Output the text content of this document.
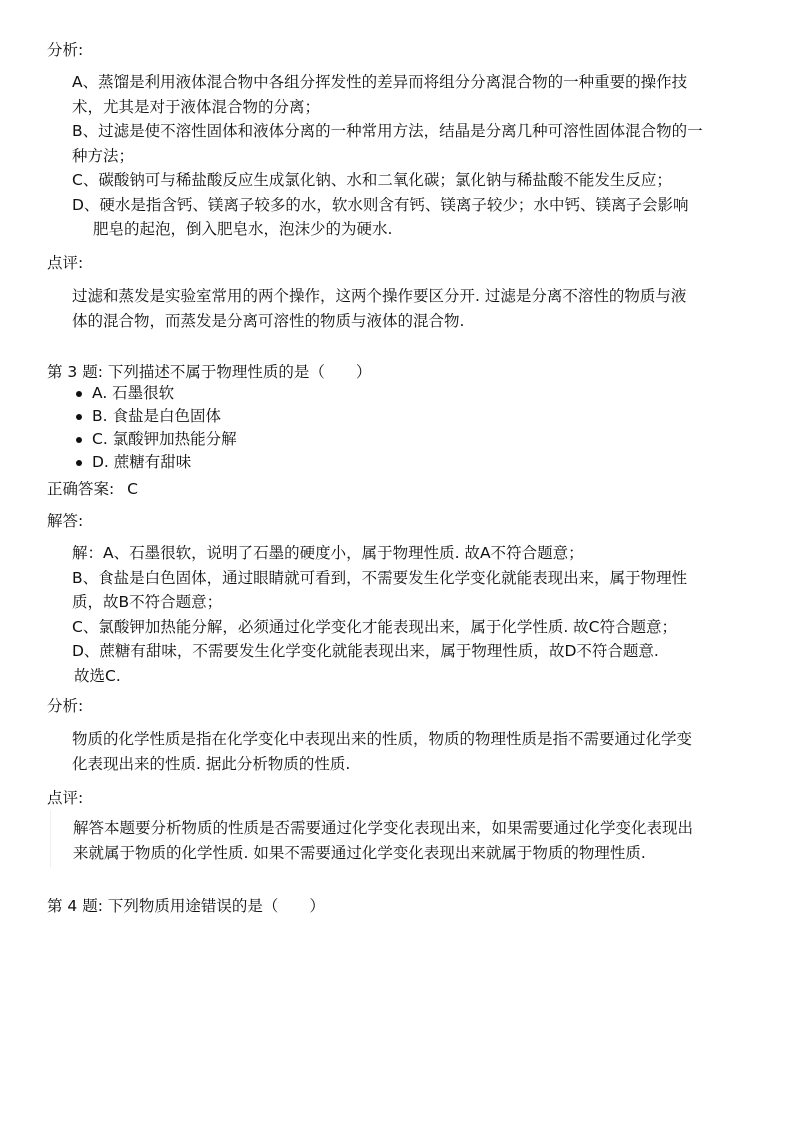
分析:

A、蒸馏是利用液体混合物中各组分挥发性的差异而将组分分离混合物的一种重要的操作技

术，尤其是对于液体混合物的分离；

B、过滤是使不溶性固体和液体分离的一种常用方法，结晶是分离几种可溶性固体混合物的一

种方法；

C、碳酸钠可与稀盐酸反应生成氯化钠、水和二氧化碳；氯化钠与稀盐酸不能发生反应；

D、硬水是指含钙、镁离子较多的水，软水则含有钙、镁离子较少；水中钙、镁离子会影响

肥皂的起泡，倒入肥皂水，泡沫少的为硬水.

点评:

过滤和蒸发是实验室常用的两个操作，这两个操作要区分开. 过滤是分离不溶性的物质与液

体的混合物，而蒸发是分离可溶性的物质与液体的混合物.

第 3 题: 下列描述不属于物理性质的是（　　）
A. 石墨很软
B. 食盐是白色固体
C. 氯酸钾加热能分解
D. 蔗糖有甜味
正确答案: C
解答:

解：A、石墨很软，说明了石墨的硬度小，属于物理性质. 故A不符合题意；

B、食盐是白色固体，通过眼睛就可看到，不需要发生化学变化就能表现出来，属于物理性

质，故B不符合题意；

C、氯酸钾加热能分解，必须通过化学变化才能表现出来，属于化学性质. 故C符合题意；

D、蔗糖有甜味，不需要发生化学变化就能表现出来，属于物理性质，故D不符合题意.

故选C.

分析:

物质的化学性质是指在化学变化中表现出来的性质，物质的物理性质是指不需要通过化学变

化表现出来的性质. 据此分析物质的性质.

点评:

解答本题要分析物质的性质是否需要通过化学变化表现出来，如果需要通过化学变化表现出

来就属于物质的化学性质. 如果不需要通过化学变化表现出来就属于物质的物理性质.

第 4 题: 下列物质用途错误的是（　　）
